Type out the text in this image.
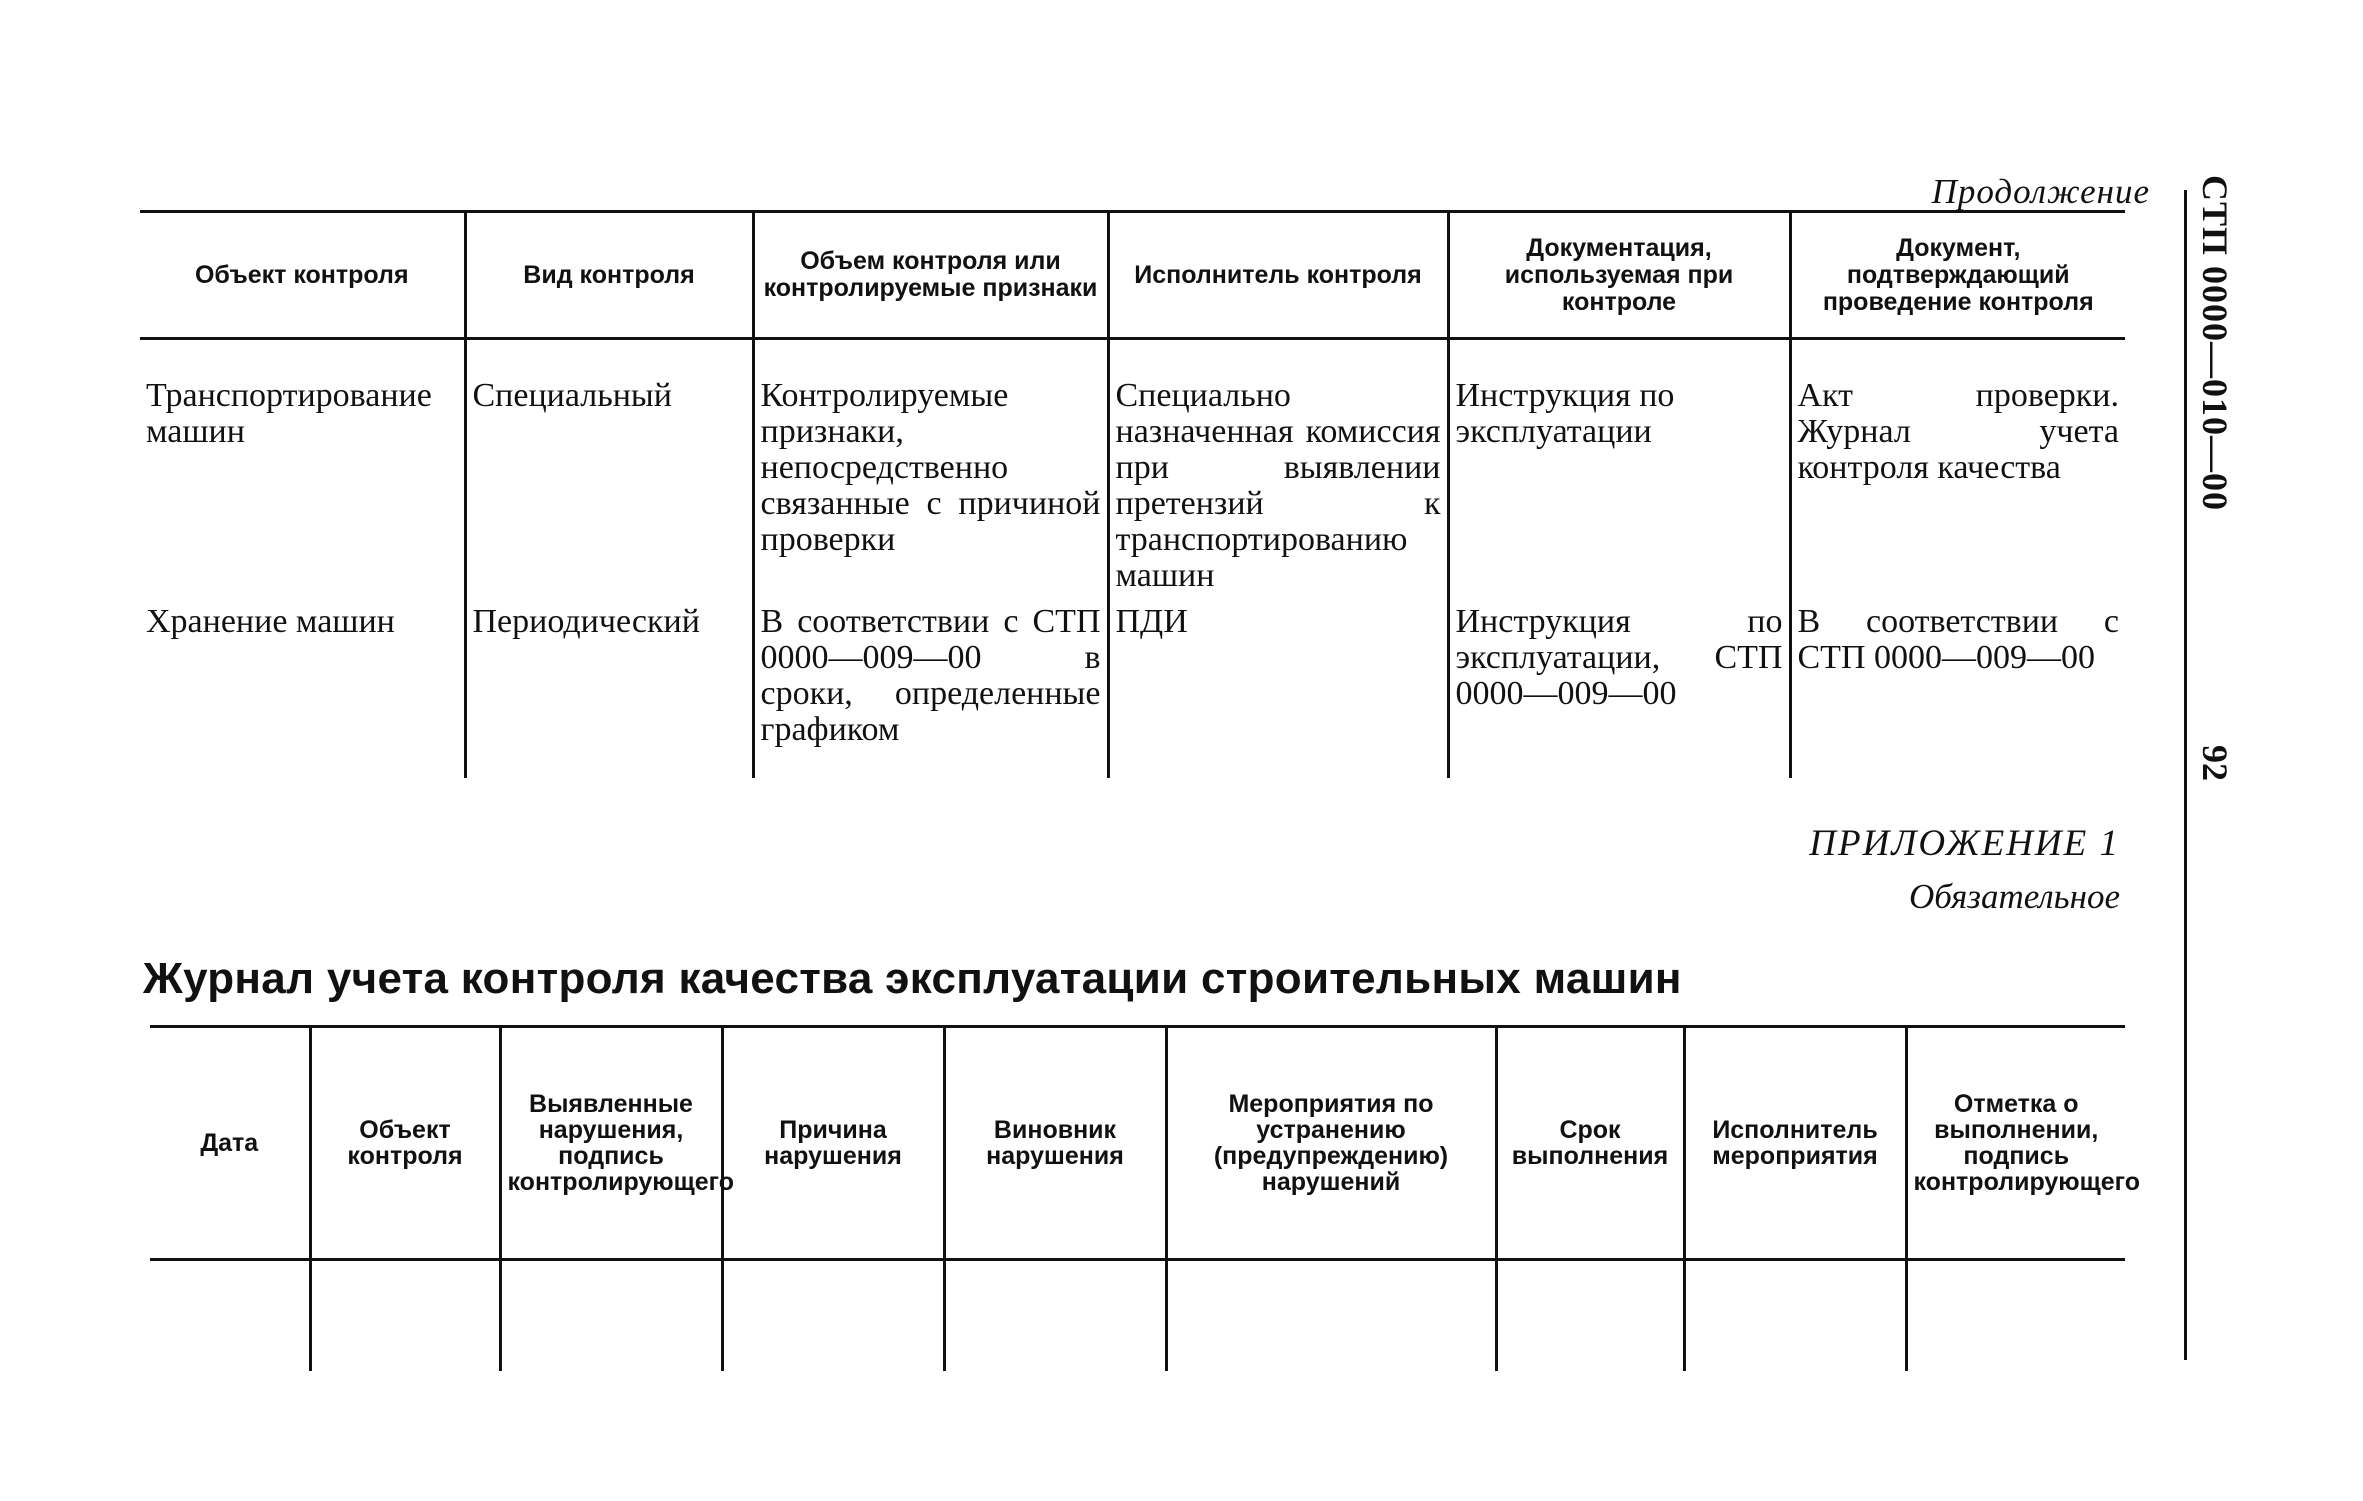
Продолжение
Объект контроля	Вид контроля	Объем контроля или контролируемые признаки	Исполнитель контроля	Документация, используемая при контроле	Документ, подтверждающий проведение контроля
Транспортирование машин	Специальный	Контролируемые признаки, непосредственно связанные с причиной проверки	Специально назначенная комиссия при выявлении претензий к транспортированию машин	Инструкция по эксплуатации	Акт проверки. Журнал учета контроля качества
Хранение машин	Периодический	В соответствии с СТП 0000—009—00 в сроки, определенные графиком	ПДИ	Инструкция по эксплуатации, СТП 0000—009—00	В соответствии с СТП 0000—009—00
СТП 0000—010—00
92
ПРИЛОЖЕНИЕ 1
Обязательное
Журнал учета контроля качества эксплуатации строительных машин
Дата	Объект контроля	Выявленные нарушения, подпись контролирующего	Причина нарушения	Виновник нарушения	Мероприятия по устранению (предупреждению) нарушений	Срок выполнения	Исполнитель мероприятия	Отметка о выполнении, подпись контролирующего
